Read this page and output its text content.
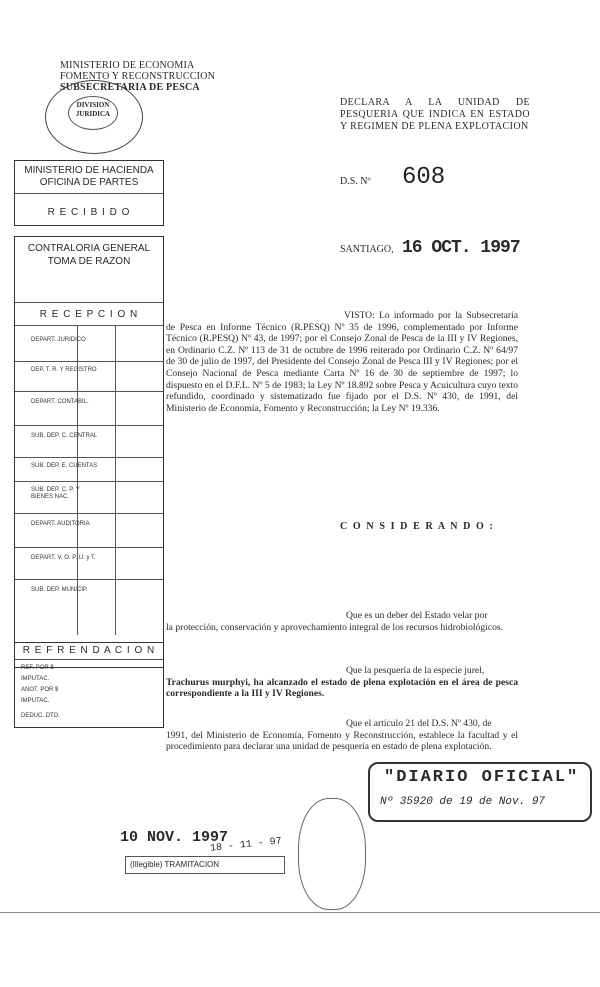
MINISTERIO DE ECONOMIA
FOMENTO Y RECONSTRUCCION
SUBSECRETARIA DE PESCA
DIVISION JURIDICA
MINISTERIO DE HACIENDA
OFICINA DE PARTES
R E C I B I D O
CONTRALORIA GENERAL
TOMA DE RAZON
R E C E P C I O N
DEPART. JURIDICO
DEP. T. R. Y REGISTRO
DEPART. CONTABIL.
SUB. DEP. C. CENTRAL
SUB. DEP. E. CUENTAS
SUB. DEP. C. P. Y BIENES NAC.
DEPART. AUDITORIA
DEPART. V. O. P. U. y T.
SUB. DEP. MUNICIP.
R E F R E N D A C I O N
REF. POR $
IMPUTAC.
ANOT. POR $
IMPUTAC.
DEDUC. DTO.
DECLARA A LA UNIDAD DE PESQUERIA QUE INDICA EN ESTADO Y REGIMEN DE PLENA EXPLOTACION
D.S. Nº 608
SANTIAGO, 16 OCT. 1997
VISTO: Lo informado por la Subsecretaría de Pesca en Informe Técnico (R.PESQ) Nº 35 de 1996, complementado por Informe Técnico (R.PESQ) Nº 43, de 1997; por el Consejo Zonal de Pesca de la III y IV Regiones, en Ordinario C.Z. Nº 113 de 31 de octubre de 1996 reiterado por Ordinario C.Z. Nº 64/97 de 30 de julio de 1997, del Presidente del Consejo Zonal de Pesca III y IV Regiones; por el Consejo Nacional de Pesca mediante Carta Nº 16 de 30 de septiembre de 1997; lo dispuesto en el D.F.L. Nº 5 de 1983; la Ley Nº 18.892 sobre Pesca y Acuicultura cuyo texto refundido, coordinado y sistematizado fue fijado por el D.S. Nº 430, de 1991, del Ministerio de Economía, Fomento y Reconstrucción; la Ley Nº 19.336.
C O N S I D E R A N D O :
Que es un deber del Estado velar por
la protección, conservación y aprovechamiento integral de los recursos hidrobiológicos.
Que la pesquería de la especie jurel,
Trachurus murphyi, ha alcanzado el estado de plena explotación en el área de pesca correspondiente a la III y IV Regiones.
Que el artículo 21 del D.S. Nº 430, de
1991, del Ministerio de Economía, Fomento y Reconstrucción, establece la facultad y el procedimiento para declarar una unidad de pesquería en estado de plena explotación.
10 NOV. 1997
18 - 11 - 97
(Illegible) TRAMITACION
"DIARIO OFICIAL"
Nº 35920 de 19 de Nov. 97
